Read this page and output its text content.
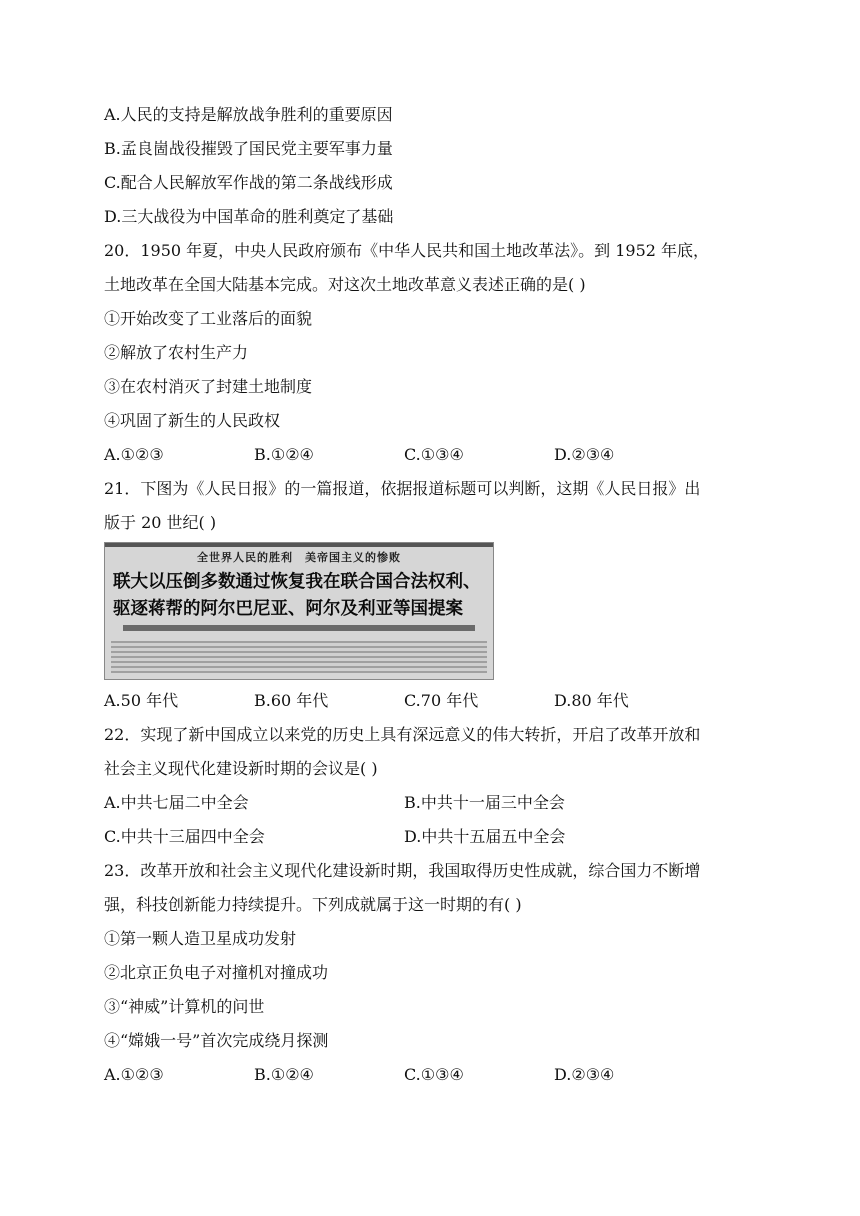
A.人民的支持是解放战争胜利的重要原因
B.孟良崮战役摧毁了国民党主要军事力量
C.配合人民解放军作战的第二条战线形成
D.三大战役为中国革命的胜利奠定了基础
20．1950 年夏，中央人民政府颁布《中华人民共和国土地改革法》。到 1952 年底，
土地改革在全国大陆基本完成。对这次土地改革意义表述正确的是( )
①开始改变了工业落后的面貌
②解放了农村生产力
③在农村消灭了封建土地制度
④巩固了新生的人民政权
A.①②③	B.①②④	C.①③④	D.②③④
21．下图为《人民日报》的一篇报道，依据报道标题可以判断，这期《人民日报》出
版于 20 世纪( )
全世界人民的胜利　美帝国主义的惨败
联大以压倒多数通过恢复我在联合国合法权利、
驱逐蒋帮的阿尔巴尼亚、阿尔及利亚等国提案
A.50 年代	B.60 年代	C.70 年代	D.80 年代
22．实现了新中国成立以来党的历史上具有深远意义的伟大转折，开启了改革开放和
社会主义现代化建设新时期的会议是( )
A.中共七届二中全会	B.中共十一届三中全会
C.中共十三届四中全会	D.中共十五届五中全会
23．改革开放和社会主义现代化建设新时期，我国取得历史性成就，综合国力不断增
强，科技创新能力持续提升。下列成就属于这一时期的有( )
①第一颗人造卫星成功发射
②北京正负电子对撞机对撞成功
③“神威”计算机的问世
④“嫦娥一号”首次完成绕月探测
A.①②③	B.①②④	C.①③④	D.②③④
